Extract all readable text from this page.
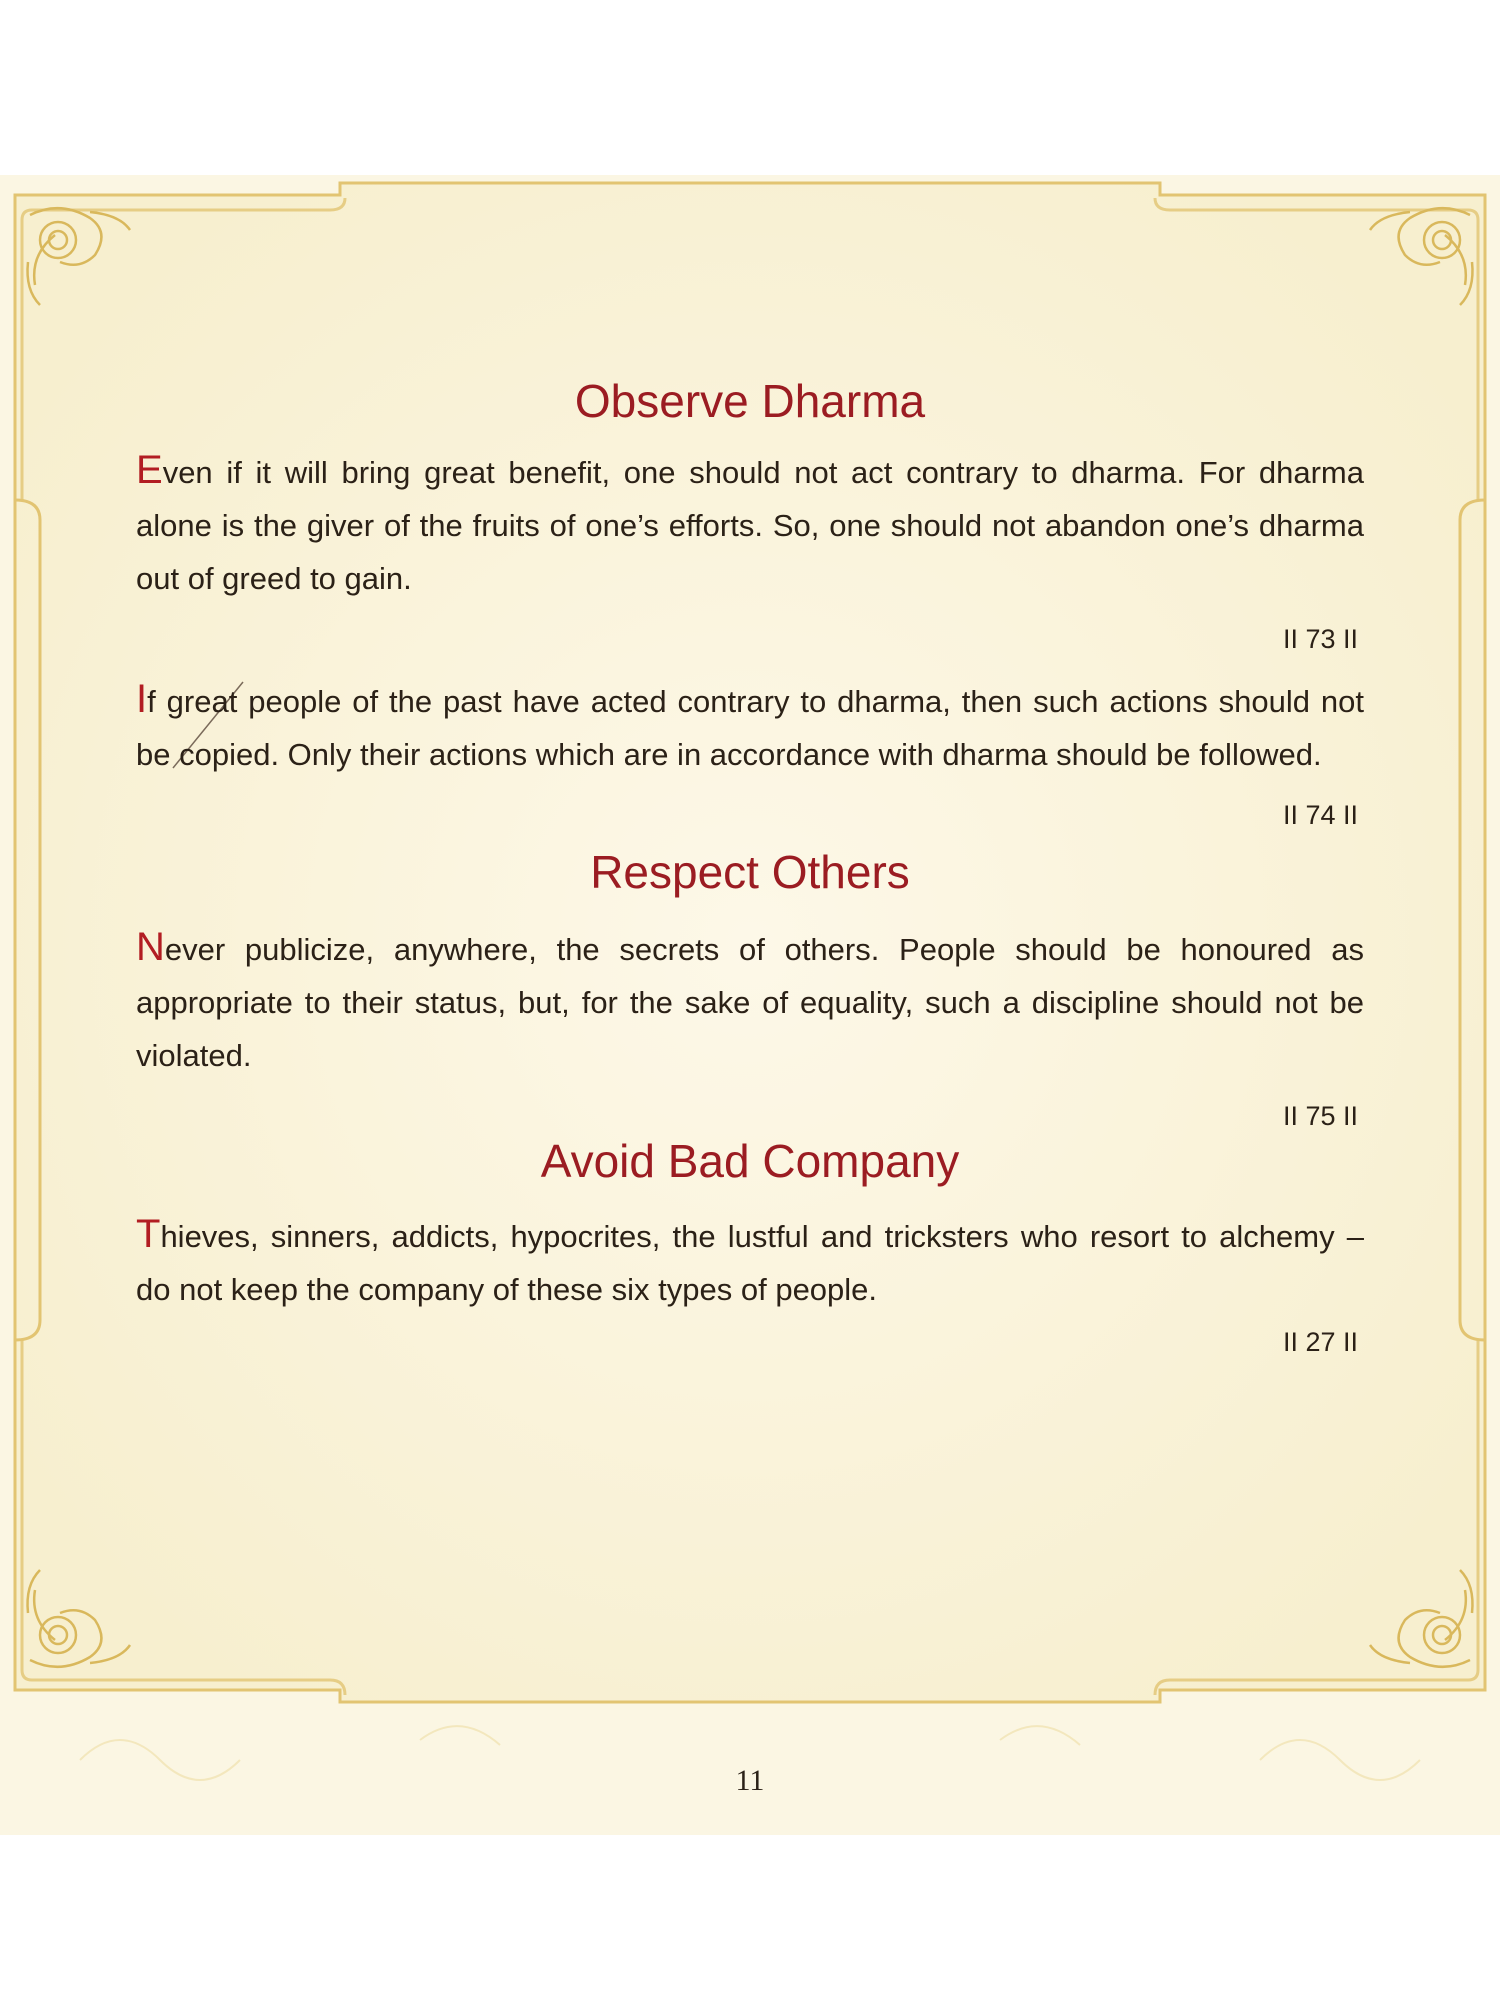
Observe Dharma

Even if it will bring great benefit, one should not act contrary to dharma. For dharma alone is the giver of the fruits of one’s efforts. So, one should not abandon one’s dharma out of greed to gain.

II 73 II

If great people of the past have acted contrary to dharma, then such actions should not be copied. Only their actions which are in accordance with dharma should be followed.

II 74 II

Respect Others

Never publicize, anywhere, the secrets of others. People should be honoured as appropriate to their status, but, for the sake of equality, such a discipline should not be violated.

II 75 II

Avoid Bad Company

Thieves, sinners, addicts, hypocrites, the lustful and tricksters who resort to alchemy – do not keep the company of these six types of people.

II 27 II

11
